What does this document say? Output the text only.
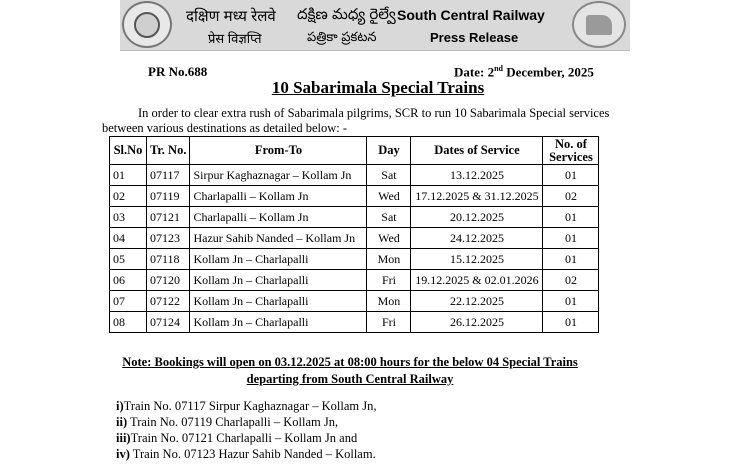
दक्षिण मध्य रेलवे
प्रेस विज्ञप्ति
దక్షిణ మధ్య రైల్వే
పత్రికా ప్రకటన
South Central Railway
Press Release
PR No.688	Date: 2nd December, 2025
10 Sabarimala Special Trains
In order to clear extra rush of Sabarimala pilgrims, SCR to run 10 Sabarimala Special services
between various destinations as detailed below: -
Sl.No	Tr. No.	From-To	Day	Dates of Service	No. of
Services

01	07117	Sirpur Kaghaznagar – Kollam Jn	Sat	13.12.2025	01
02	07119	Charlapalli – Kollam Jn	Wed	17.12.2025 & 31.12.2025	02
03	07121	Charlapalli – Kollam Jn	Sat	20.12.2025	01
04	07123	Hazur Sahib Nanded – Kollam Jn	Wed	24.12.2025	01
05	07118	Kollam Jn – Charlapalli	Mon	15.12.2025	01
06	07120	Kollam Jn – Charlapalli	Fri	19.12.2025 & 02.01.2026	02
07	07122	Kollam Jn – Charlapalli	Mon	22.12.2025	01
08	07124	Kollam Jn – Charlapalli	Fri	26.12.2025	01
Note: Bookings will open on 03.12.2025 at 08:00 hours for the below 04 Special Trains
departing from South Central Railway
i)Train No. 07117 Sirpur Kaghaznagar – Kollam Jn,
ii) Train No. 07119 Charlapalli – Kollam Jn,
iii)Train No. 07121 Charlapalli – Kollam Jn and
iv) Train No. 07123 Hazur Sahib Nanded – Kollam.
